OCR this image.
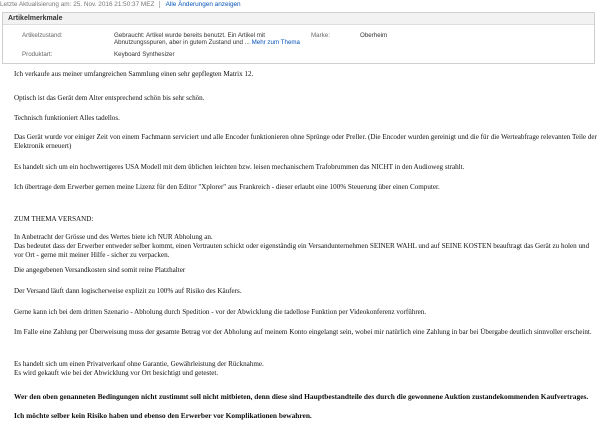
Letzte Aktualisierung am: 25. Nov. 2016 21:50:37 MEZ Alle Änderungen anzeigen
Artikelmerkmale
Artikelzustand:	Gebraucht: Artikel wurde bereits benutzt. Ein Artikel mit
Abnutzungsspuren, aber in gutem Zustand und ... Mehr zum Thema
Produktart:	Keyboard Synthesizer
Marke:	Oberheim

Ich verkaufe aus meiner umfangreichen Sammlung einen sehr gepflegten Matrix 12.

Optisch ist das Gerät dem Alter entsprechend schön bis sehr schön.

Technisch funktioniert Alles tadellos.

Das Gerät wurde vor einiger Zeit von einem Fachmann serviciert und alle Encoder funktionieren ohne Sprünge oder Preller. (Die Encoder wurden gereinigt und die für die Werteabfrage relevanten Teile der Elektronik erneuert)

Es handelt sich um ein hochwertigeres USA Modell mit dem üblichen leichten bzw. leisen mechanischem Trafobrummen das NICHT in den Audioweg strahlt.

Ich übertrage dem Erwerber gernen meine Lizenz für den Editor "Xplorer" aus Frankreich - dieser erlaubt eine 100% Steuerung über einen Computer.

ZUM THEMA VERSAND:

In Anbetracht der Grösse und des Wertes biete ich NUR Abholung an.

Das bedeutet dass der Erwerber entweder selber kommt, einen Vertrauten schickt oder eigenständig ein Versandunternehmen SEINER WAHL und auf SEINE KOSTEN beauftragt das Gerät zu holen und vor Ort - gerne mit meiner Hilfe - sicher zu verpacken.

Die angegebenen Versandkosten sind somit reine Platzhalter

Der Versand läuft dann logischerweise explizit zu 100% auf Risiko des Käufers.

Gerne kann ich bei dem dritten Szenario - Abholung durch Spedition - vor der Abwicklung die tadellose Funktion per Videokonferenz vorführen.

Im Falle eine Zahlung per Überweisung muss der gesamte Betrag vor der Abholung auf meinem Konto eingelangt sein, wobei mir natürlich eine Zahlung in bar bei Übergabe deutlich sinnvoller erscheint.

Es handelt sich um einen Privatverkauf ohne Garantie, Gewährleistung der Rücknahme.

Es wird gekauft wie bei der Abwicklung vor Ort besichtigt und getestet.

Wer den oben genanneten Bedingungen nicht zustimmt soll nicht mitbieten, denn diese sind Hauptbestandteile des durch die gewonnene Auktion zustandekommenden Kaufvertrages.

Ich möchte selber kein Risiko haben und ebenso den Erwerber vor Komplikationen bewahren.
